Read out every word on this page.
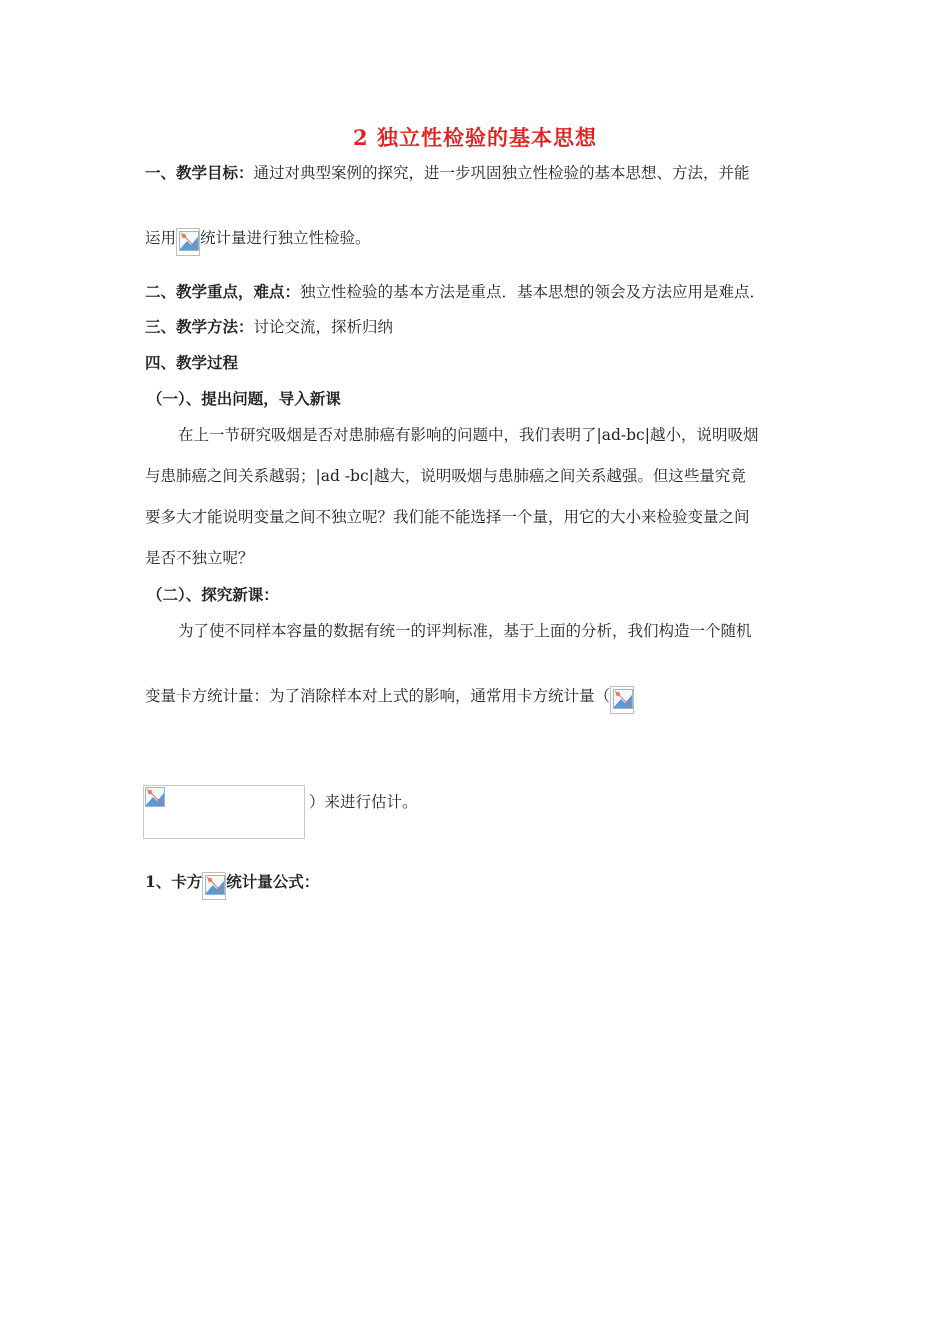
2 独立性检验的基本思想
一、教学目标：通过对典型案例的探究，进一步巩固独立性检验的基本思想、方法，并能
运用 统计量进行独立性检验。
二、教学重点，难点：独立性检验的基本方法是重点．基本思想的领会及方法应用是难点．
三、教学方法：讨论交流，探析归纳
四、教学过程
（一）、提出问题，导入新课
在上一节研究吸烟是否对患肺癌有影响的问题中，我们表明了|ad-bc|越小，说明吸烟
与患肺癌之间关系越弱；|ad -bc|越大，说明吸烟与患肺癌之间关系越强。但这些量究竟
要多大才能说明变量之间不独立呢？我们能不能选择一个量，用它的大小来检验变量之间
是否不独立呢？
（二）、探究新课：
为了使不同样本容量的数据有统一的评判标准，基于上面的分析，我们构造一个随机
变量卡方统计量：为了消除样本对上式的影响，通常用卡方统计量（
）来进行估计。
1、卡方 统计量公式：
